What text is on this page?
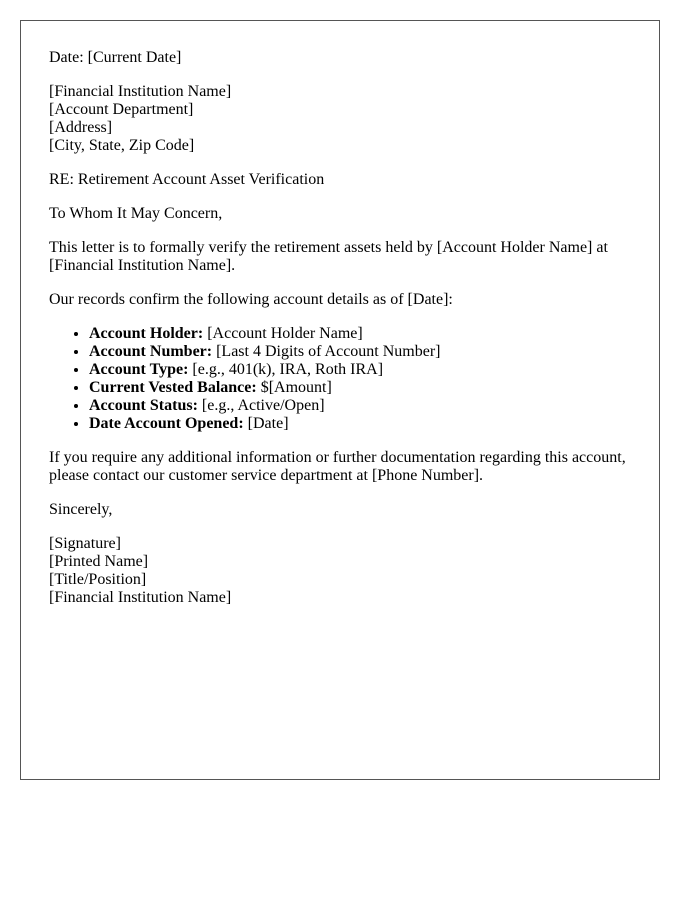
Date: [Current Date]

[Financial Institution Name]
[Account Department]
[Address]
[City, State, Zip Code]

RE: Retirement Account Asset Verification

To Whom It May Concern,

This letter is to formally verify the retirement assets held by [Account Holder Name] at [Financial Institution Name].

Our records confirm the following account details as of [Date]:

• Account Holder: [Account Holder Name]
• Account Number: [Last 4 Digits of Account Number]
• Account Type: [e.g., 401(k), IRA, Roth IRA]
• Current Vested Balance: $[Amount]
• Account Status: [e.g., Active/Open]
• Date Account Opened: [Date]

If you require any additional information or further documentation regarding this account, please contact our customer service department at [Phone Number].

Sincerely,

[Signature]
[Printed Name]
[Title/Position]
[Financial Institution Name]
